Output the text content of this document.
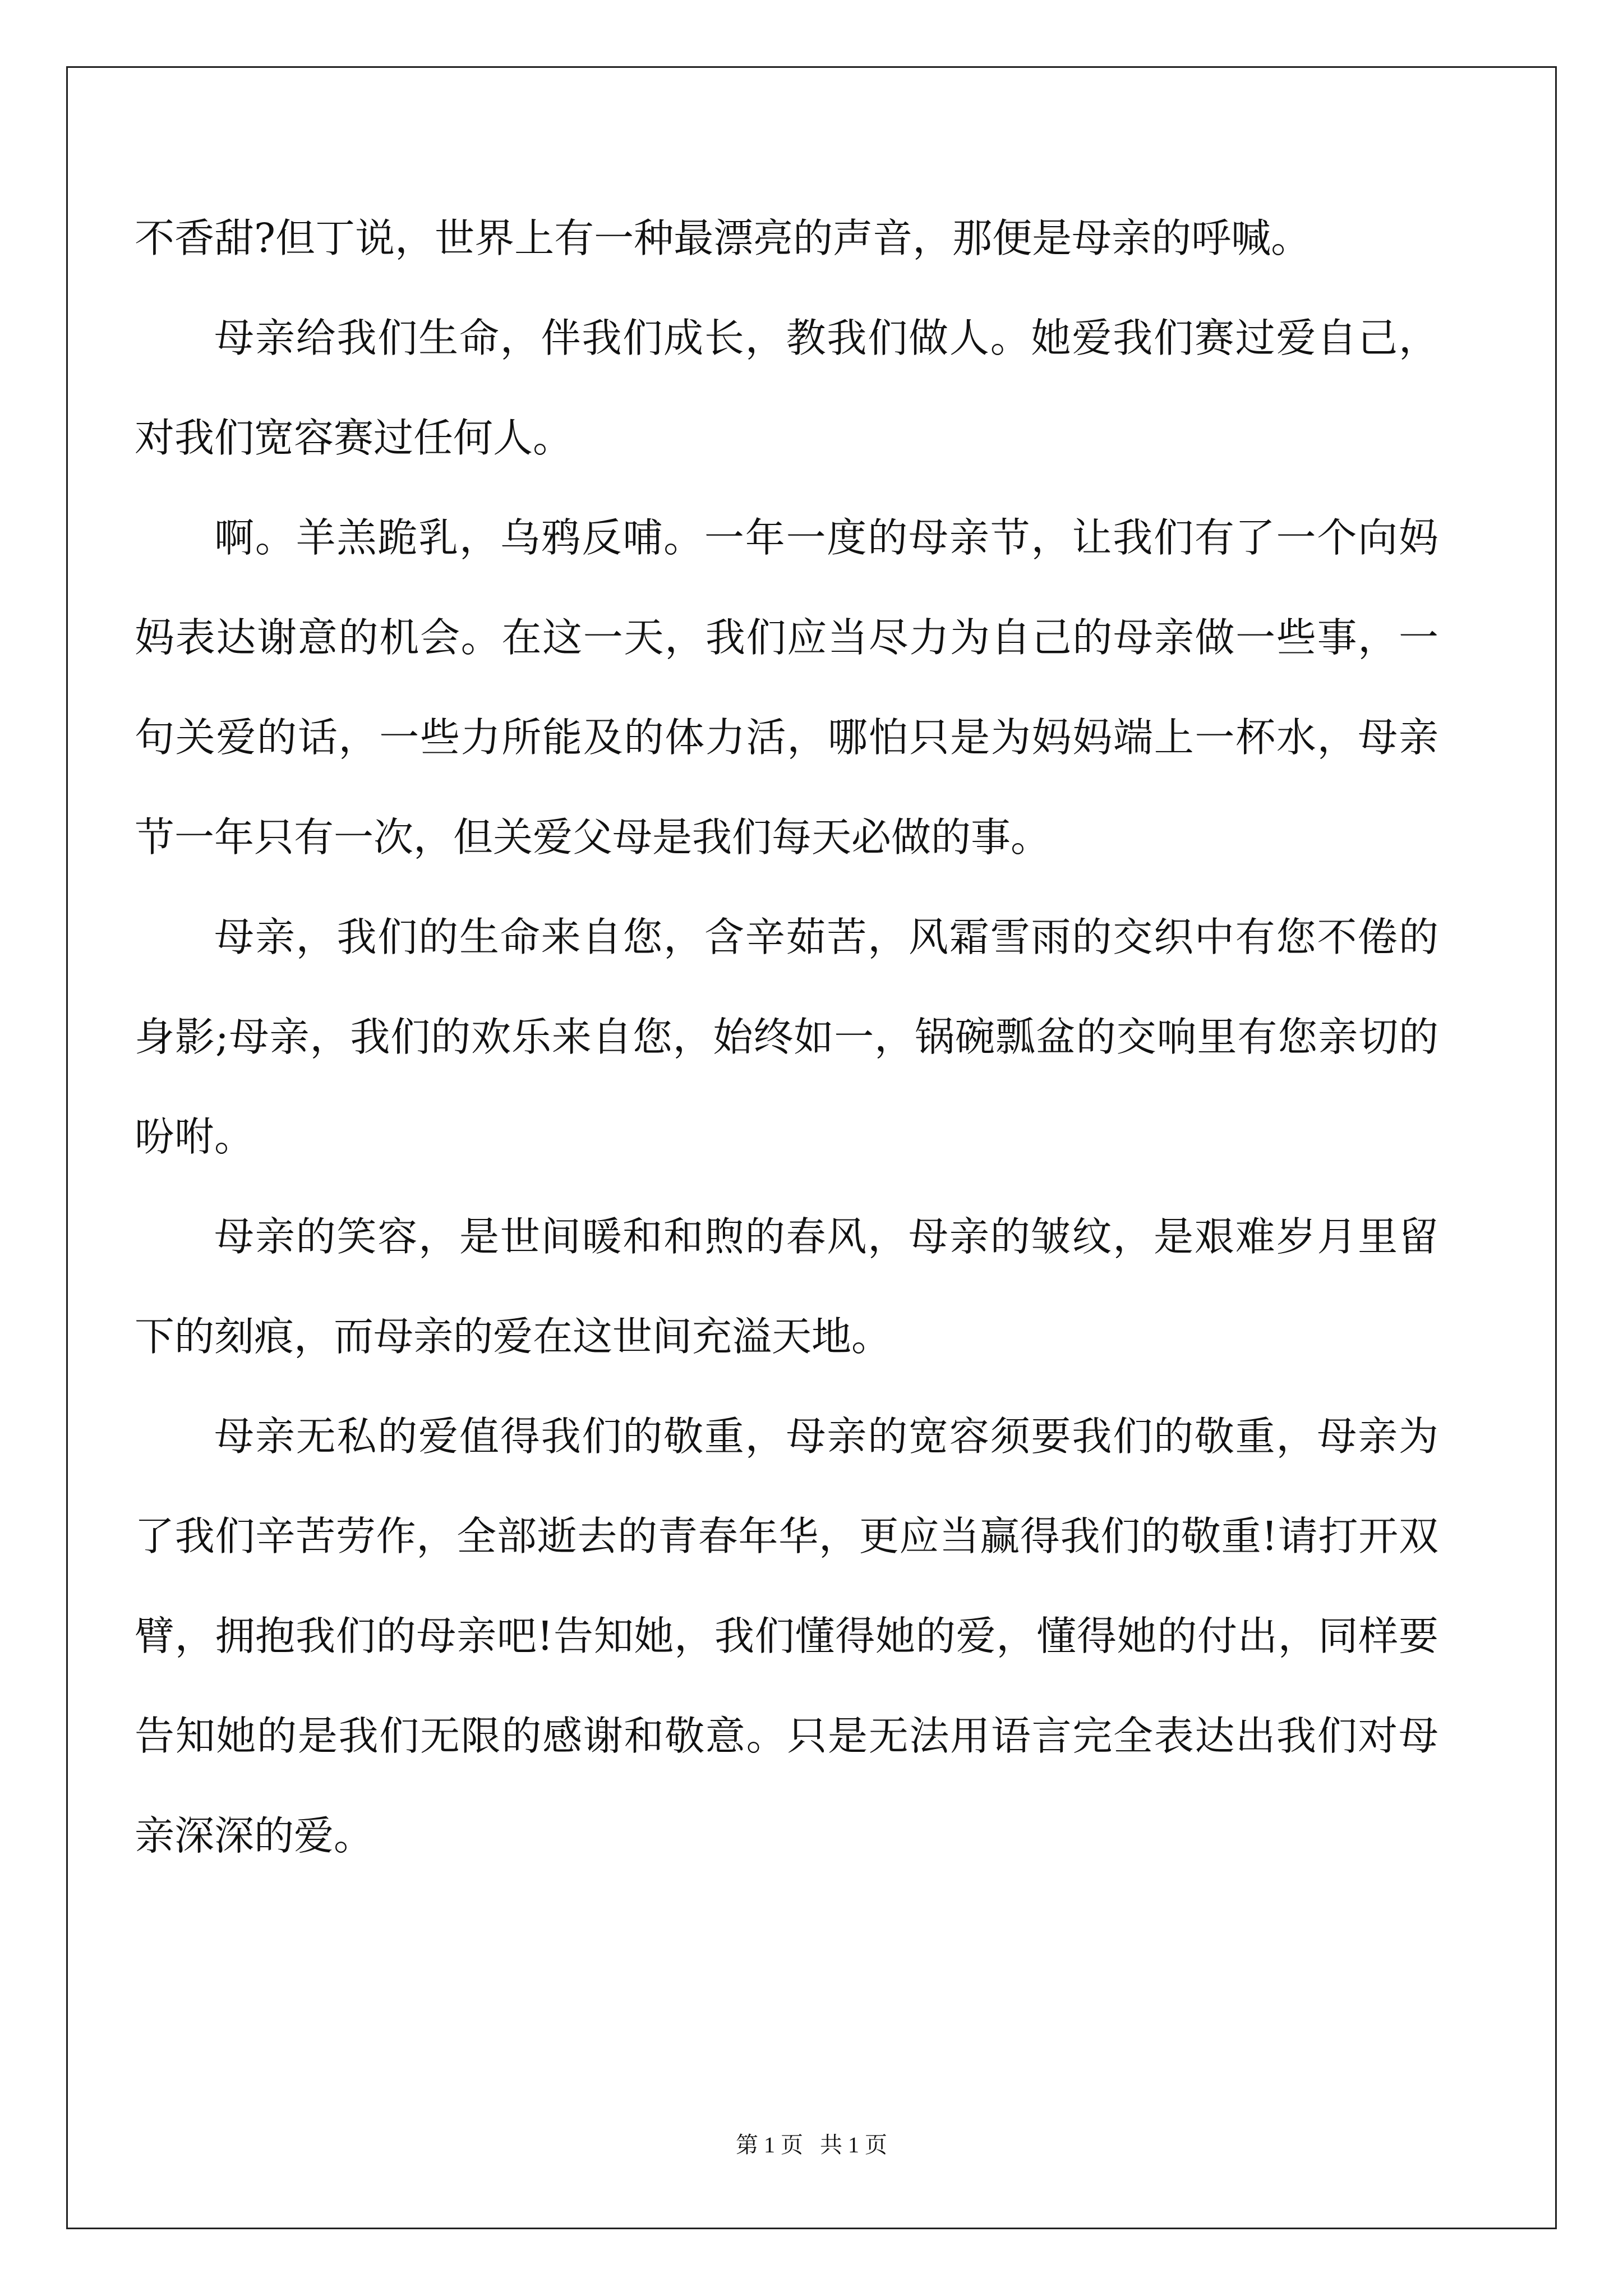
不香甜?但丁说，世界上有一种最漂亮的声音，那便是母亲的呼喊。

母亲给我们生命，伴我们成长，教我们做人。她爱我们赛过爱自己，对我们宽容赛过任何人。

啊。羊羔跪乳，乌鸦反哺。一年一度的母亲节，让我们有了一个向妈妈表达谢意的机会。在这一天，我们应当尽力为自己的母亲做一些事，一句关爱的话，一些力所能及的体力活，哪怕只是为妈妈端上一杯水，母亲节一年只有一次，但关爱父母是我们每天必做的事。

母亲，我们的生命来自您，含辛茹苦，风霜雪雨的交织中有您不倦的身影;母亲，我们的欢乐来自您，始终如一，锅碗瓢盆的交响里有您亲切的吩咐。

母亲的笑容，是世间暖和和煦的春风，母亲的皱纹，是艰难岁月里留下的刻痕，而母亲的爱在这世间充溢天地。

母亲无私的爱值得我们的敬重，母亲的宽容须要我们的敬重，母亲为了我们辛苦劳作，全部逝去的青春年华，更应当赢得我们的敬重!请打开双臂，拥抱我们的母亲吧!告知她，我们懂得她的爱，懂得她的付出，同样要告知她的是我们无限的感谢和敬意。只是无法用语言完全表达出我们对母亲深深的爱。

第 1 页   共 1 页
